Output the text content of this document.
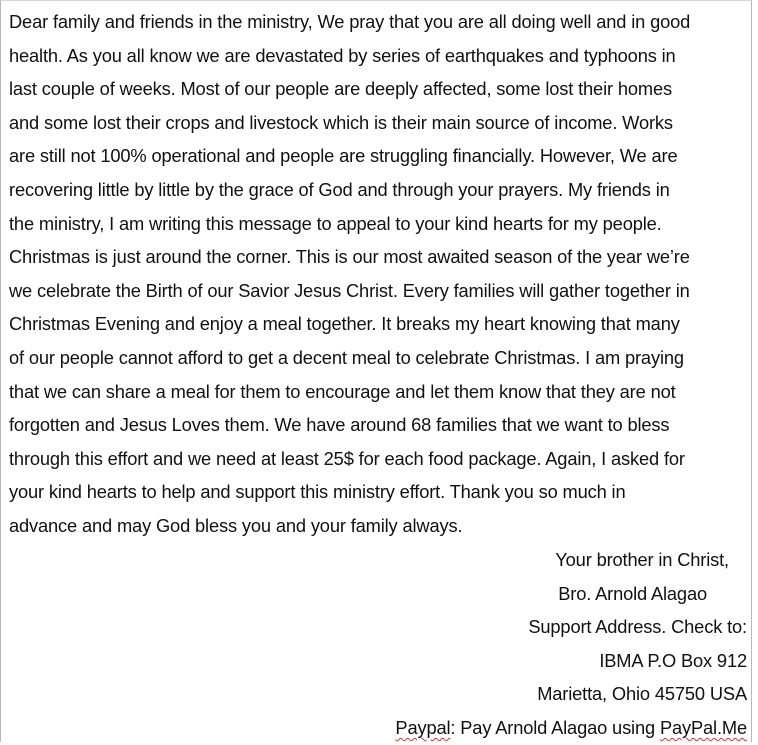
Dear family and friends in the ministry, We pray that you are all doing well and in good
health. As you all know we are devastated by series of earthquakes and typhoons in
last couple of weeks. Most of our people are deeply affected, some lost their homes
and some lost their crops and livestock which is their main source of income. Works
are still not 100% operational and people are struggling financially. However, We are
recovering little by little by the grace of God and through your prayers. My friends in
the ministry, I am writing this message to appeal to your kind hearts for my people.
Christmas is just around the corner. This is our most awaited season of the year we’re
we celebrate the Birth of our Savior Jesus Christ. Every families will gather together in
Christmas Evening and enjoy a meal together. It breaks my heart knowing that many
of our people cannot afford to get a decent meal to celebrate Christmas. I am praying
that we can share a meal for them to encourage and let them know that they are not
forgotten and Jesus Loves them. We have around 68 families that we want to bless
through this effort and we need at least 25$ for each food package. Again, I asked for
your kind hearts to help and support this ministry effort. Thank you so much in
advance and may God bless you and your family always.
Your brother in Christ,
Bro. Arnold Alagao
Support Address. Check to:
IBMA P.O Box 912
Marietta, Ohio 45750 USA
Paypal: Pay Arnold Alagao using PayPal.Me
